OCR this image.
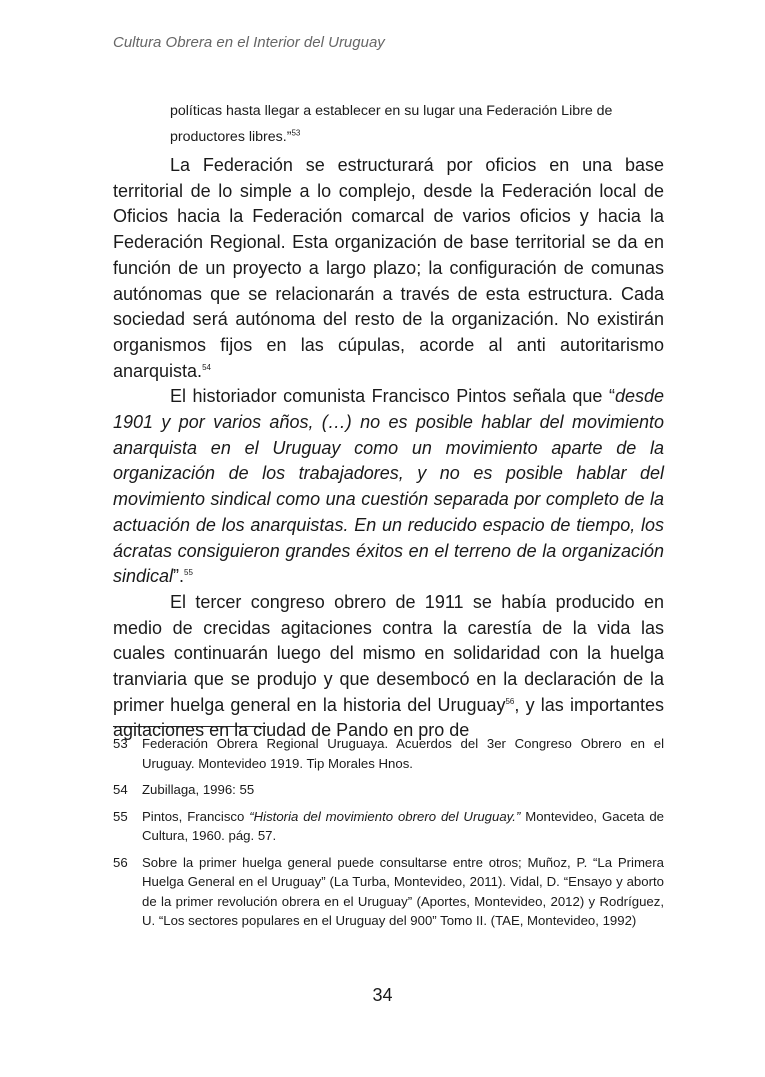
Cultura Obrera en el Interior del Uruguay

políticas hasta llegar a establecer en su lugar una Federación Libre de productores libres.”$^{53}$

La Federación se estructurará por oficios en una base territorial de lo simple a lo complejo, desde la Federación local de Oficios hacia la Federación comarcal de varios oficios y hacia la Federación Regional. Esta organización de base territorial se da en función de un proyecto a largo plazo; la configuración de comunas autónomas que se relacionarán a través de esta estructura. Cada sociedad será autónoma del resto de la organización. No existirán organismos fijos en las cúpulas, acorde al anti autoritarismo anarquista.$^{54}$

El historiador comunista Francisco Pintos señala que “desde 1901 y por varios años, (…) no es posible hablar del movimiento anarquista en el Uruguay como un movimiento aparte de la organización de los trabajadores, y no es posible hablar del movimiento sindical como una cuestión separada por completo de la actuación de los anarquistas. En un reducido espacio de tiempo, los ácratas consiguieron grandes éxitos en el terreno de la organización sindical”.$^{55}$

El tercer congreso obrero de 1911 se había producido en medio de crecidas agitaciones contra la carestía de la vida las cuales continuarán luego del mismo en solidaridad con la huelga tranviaria que se produjo y que desembocó en la declaración de la primer huelga general en la historia del Uruguay$^{56}$, y las importantes agitaciones en la ciudad de Pando en pro de

53	Federación Obrera Regional Uruguaya. Acuerdos del 3er Congreso Obrero en el Uruguay. Montevideo 1919. Tip Morales Hnos.
54	Zubillaga, 1996: 55
55	Pintos, Francisco “Historia del movimiento obrero del Uruguay.” Montevideo, Gaceta de Cultura, 1960. pág. 57.
56	Sobre la primer huelga general puede consultarse entre otros; Muñoz, P. “La Primera Huelga General en el Uruguay” (La Turba, Montevideo, 2011). Vidal, D. “Ensayo y aborto de la primer revolución obrera en el Uruguay” (Aportes, Montevideo, 2012) y Rodríguez, U. “Los sectores populares en el Uruguay del 900” Tomo II. (TAE, Montevideo, 1992)
34
